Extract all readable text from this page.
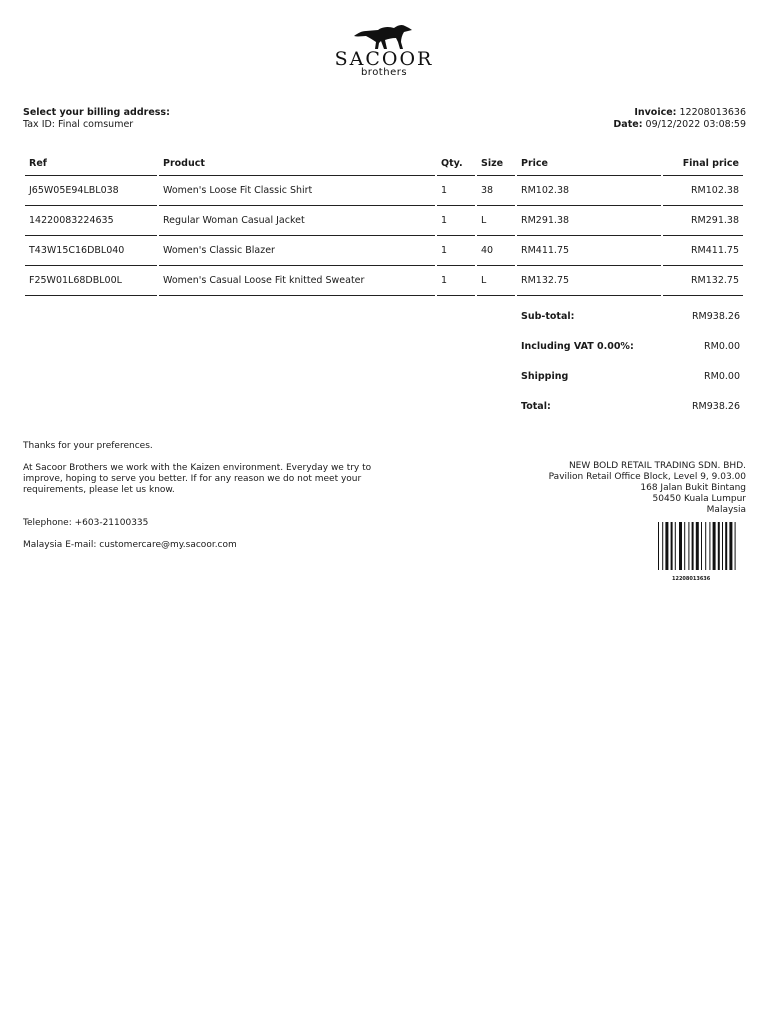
SACOOR
brothers
Select your billing address:
Tax ID: Final comsumer
Invoice: 12208013636
Date: 09/12/2022 03:08:59
Ref	Product	Qty.	Size	Price	Final price
J65W05E94LBL038	Women's Loose Fit Classic Shirt	1	38	RM102.38	RM102.38
14220083224635	Regular Woman Casual Jacket	1	L	RM291.38	RM291.38
T43W15C16DBL040	Women's Classic Blazer	1	40	RM411.75	RM411.75
F25W01L68DBL00L	Women's Casual Loose Fit knitted Sweater	1	L	RM132.75	RM132.75
Sub-total:	RM938.26
Including VAT 0.00%:	RM0.00
Shipping	RM0.00
Total:	RM938.26

Thanks for your preferences.

At Sacoor Brothers we work with the Kaizen environment. Everyday we try to improve, hoping to serve you better. If for any reason we do not meet your requirements, please let us know.

Telephone: +603-21100335

Malaysia E-mail: customercare@my.sacoor.com

NEW BOLD RETAIL TRADING SDN. BHD.
Pavilion Retail Office Block, Level 9, 9.03.00
168 Jalan Bukit Bintang
50450 Kuala Lumpur
Malaysia
12208013636
